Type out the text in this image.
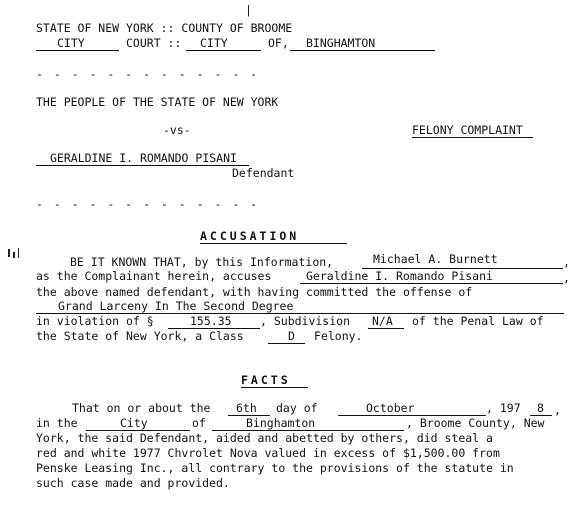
|
STATE OF NEW YORK :: COUNTY OF BROOME
CITY	COURT :: CITY	OF, BINGHAMTON
- - - - - - - - - - - - -
THE PEOPLE OF THE STATE OF NEW YORK
-vs-	FELONY COMPLAINT
GERALDINE I. ROMANDO PISANI
Defendant
- - - - - - - - - - - - -
ACCUSATION
BE IT KNOWN THAT, by this Information,	Michael A. Burnett	,
as the Complainant herein, accuses	Geraldine I. Romando Pisani	,
the above named defendant, with having committed the offense of
Grand Larceny In The Second Degree
in violation of §	155.35 , Subdivision N/A of the Penal Law of
the State of New York, a Class	D Felony.
FACTS
That on or about the 6th day of	October	, 197 8 ,
in the	City	of	Binghamton	, Broome County, New
York, the said Defendant, aided and abetted by others, did steal a
red and white 1977 Chvrolet Nova valued in excess of $1,500.00 from
Penske Leasing Inc., all contrary to the provisions of the statute in
such case made and provided.
